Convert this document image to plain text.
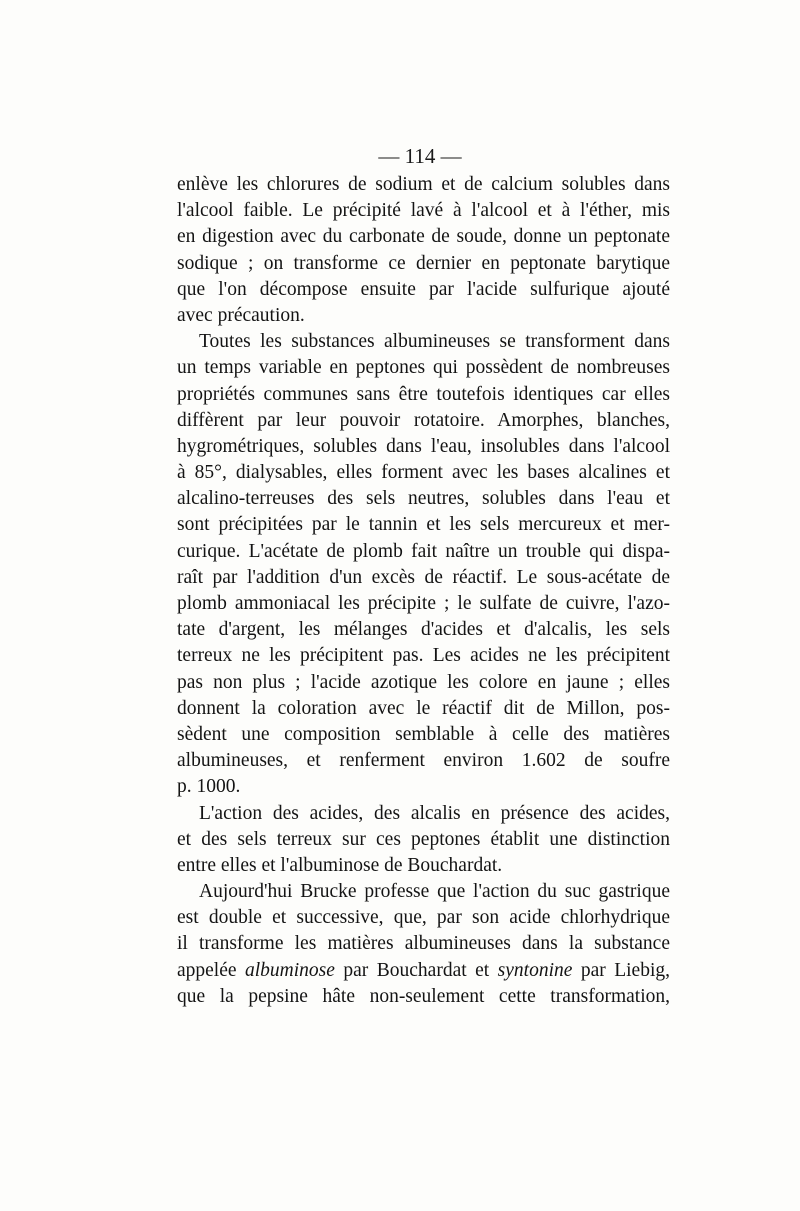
— 114 —
enlève les chlorures de sodium et de calcium solubles dans
l'alcool faible. Le précipité lavé à l'alcool et à l'éther, mis
en digestion avec du carbonate de soude, donne un peptonate
sodique ; on transforme ce dernier en peptonate barytique
que l'on décompose ensuite par l'acide sulfurique ajouté
avec précaution.
Toutes les substances albumineuses se transforment dans
un temps variable en peptones qui possèdent de nombreuses
propriétés communes sans être toutefois identiques car elles
diffèrent par leur pouvoir rotatoire. Amorphes, blanches,
hygrométriques, solubles dans l'eau, insolubles dans l'alcool
à 85°, dialysables, elles forment avec les bases alcalines et
alcalino-terreuses des sels neutres, solubles dans l'eau et
sont précipitées par le tannin et les sels mercureux et mer-
curique. L'acétate de plomb fait naître un trouble qui dispa-
raît par l'addition d'un excès de réactif. Le sous-acétate de
plomb ammoniacal les précipite ; le sulfate de cuivre, l'azo-
tate d'argent, les mélanges d'acides et d'alcalis, les sels
terreux ne les précipitent pas. Les acides ne les précipitent
pas non plus ; l'acide azotique les colore en jaune ; elles
donnent la coloration avec le réactif dit de Millon, pos-
sèdent une composition semblable à celle des matières
albumineuses, et renferment environ 1.602 de soufre
p. 1000.
L'action des acides, des alcalis en présence des acides,
et des sels terreux sur ces peptones établit une distinction
entre elles et l'albuminose de Bouchardat.
Aujourd'hui Brucke professe que l'action du suc gastrique
est double et successive, que, par son acide chlorhydrique
il transforme les matières albumineuses dans la substance
appelée albuminose par Bouchardat et syntonine par Liebig,
que la pepsine hâte non-seulement cette transformation,
